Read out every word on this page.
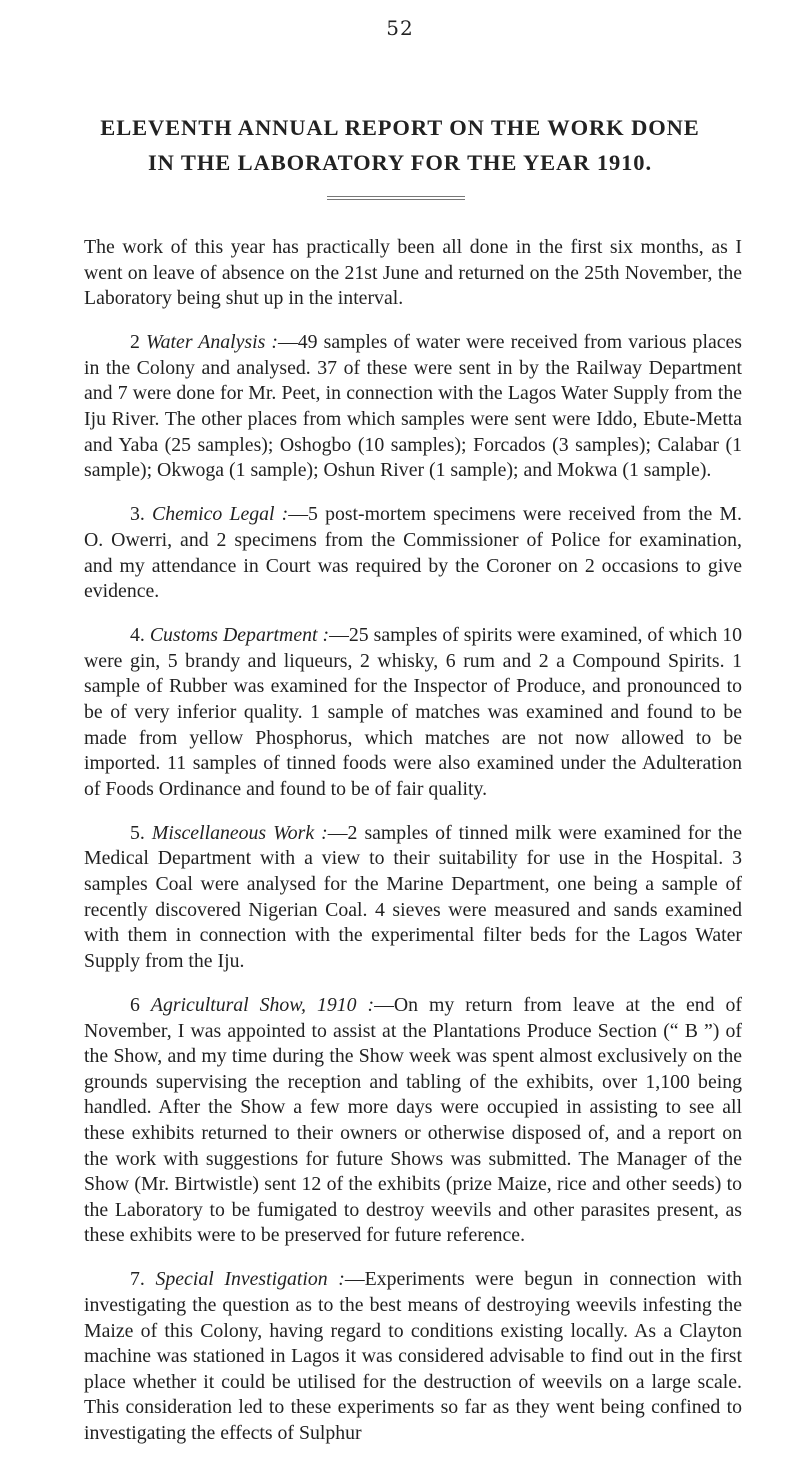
52
ELEVENTH ANNUAL REPORT ON THE WORK DONE
IN THE LABORATORY FOR THE YEAR 1910.

The work of this year has practically been all done in the first six months, as I went on leave of absence on the 21st June and returned on the 25th November, the Laboratory being shut up in the interval.

2 Water Analysis :—49 samples of water were received from various places in the Colony and analysed. 37 of these were sent in by the Railway Department and 7 were done for Mr. Peet, in connection with the Lagos Water Supply from the Iju River. The other places from which samples were sent were Iddo, Ebute-Metta and Yaba (25 samples); Oshogbo (10 samples); Forcados (3 samples); Calabar (1 sample); Okwoga (1 sample); Oshun River (1 sample); and Mokwa (1 sample).

3. Chemico Legal :—5 post-mortem specimens were received from the M. O. Owerri, and 2 specimens from the Commissioner of Police for examination, and my attendance in Court was required by the Coroner on 2 occasions to give evidence.

4. Customs Department :—25 samples of spirits were examined, of which 10 were gin, 5 brandy and liqueurs, 2 whisky, 6 rum and 2 a Compound Spirits. 1 sample of Rubber was examined for the Inspector of Produce, and pronounced to be of very inferior quality. 1 sample of matches was examined and found to be made from yellow Phosphorus, which matches are not now allowed to be imported. 11 samples of tinned foods were also examined under the Adulteration of Foods Ordinance and found to be of fair quality.

5. Miscellaneous Work :—2 samples of tinned milk were examined for the Medical Department with a view to their suitability for use in the Hospital. 3 samples Coal were analysed for the Marine Department, one being a sample of recently discovered Nigerian Coal. 4 sieves were measured and sands examined with them in connection with the experimental filter beds for the Lagos Water Supply from the Iju.

6 Agricultural Show, 1910 :—On my return from leave at the end of November, I was appointed to assist at the Plantations Produce Section (“ B ”) of the Show, and my time during the Show week was spent almost exclusively on the grounds supervising the reception and tabling of the exhibits, over 1,100 being handled. After the Show a few more days were occupied in assisting to see all these exhibits returned to their owners or otherwise disposed of, and a report on the work with suggestions for future Shows was submitted. The Manager of the Show (Mr. Birtwistle) sent 12 of the exhibits (prize Maize, rice and other seeds) to the Laboratory to be fumigated to destroy weevils and other parasites present, as these exhibits were to be preserved for future reference.

7. Special Investigation :—Experiments were begun in connection with investigating the question as to the best means of destroying weevils infesting the Maize of this Colony, having regard to conditions existing locally. As a Clayton machine was stationed in Lagos it was considered advisable to find out in the first place whether it could be utilised for the destruction of weevils on a large scale. This consideration led to these experiments so far as they went being confined to investigating the effects of Sulphur
